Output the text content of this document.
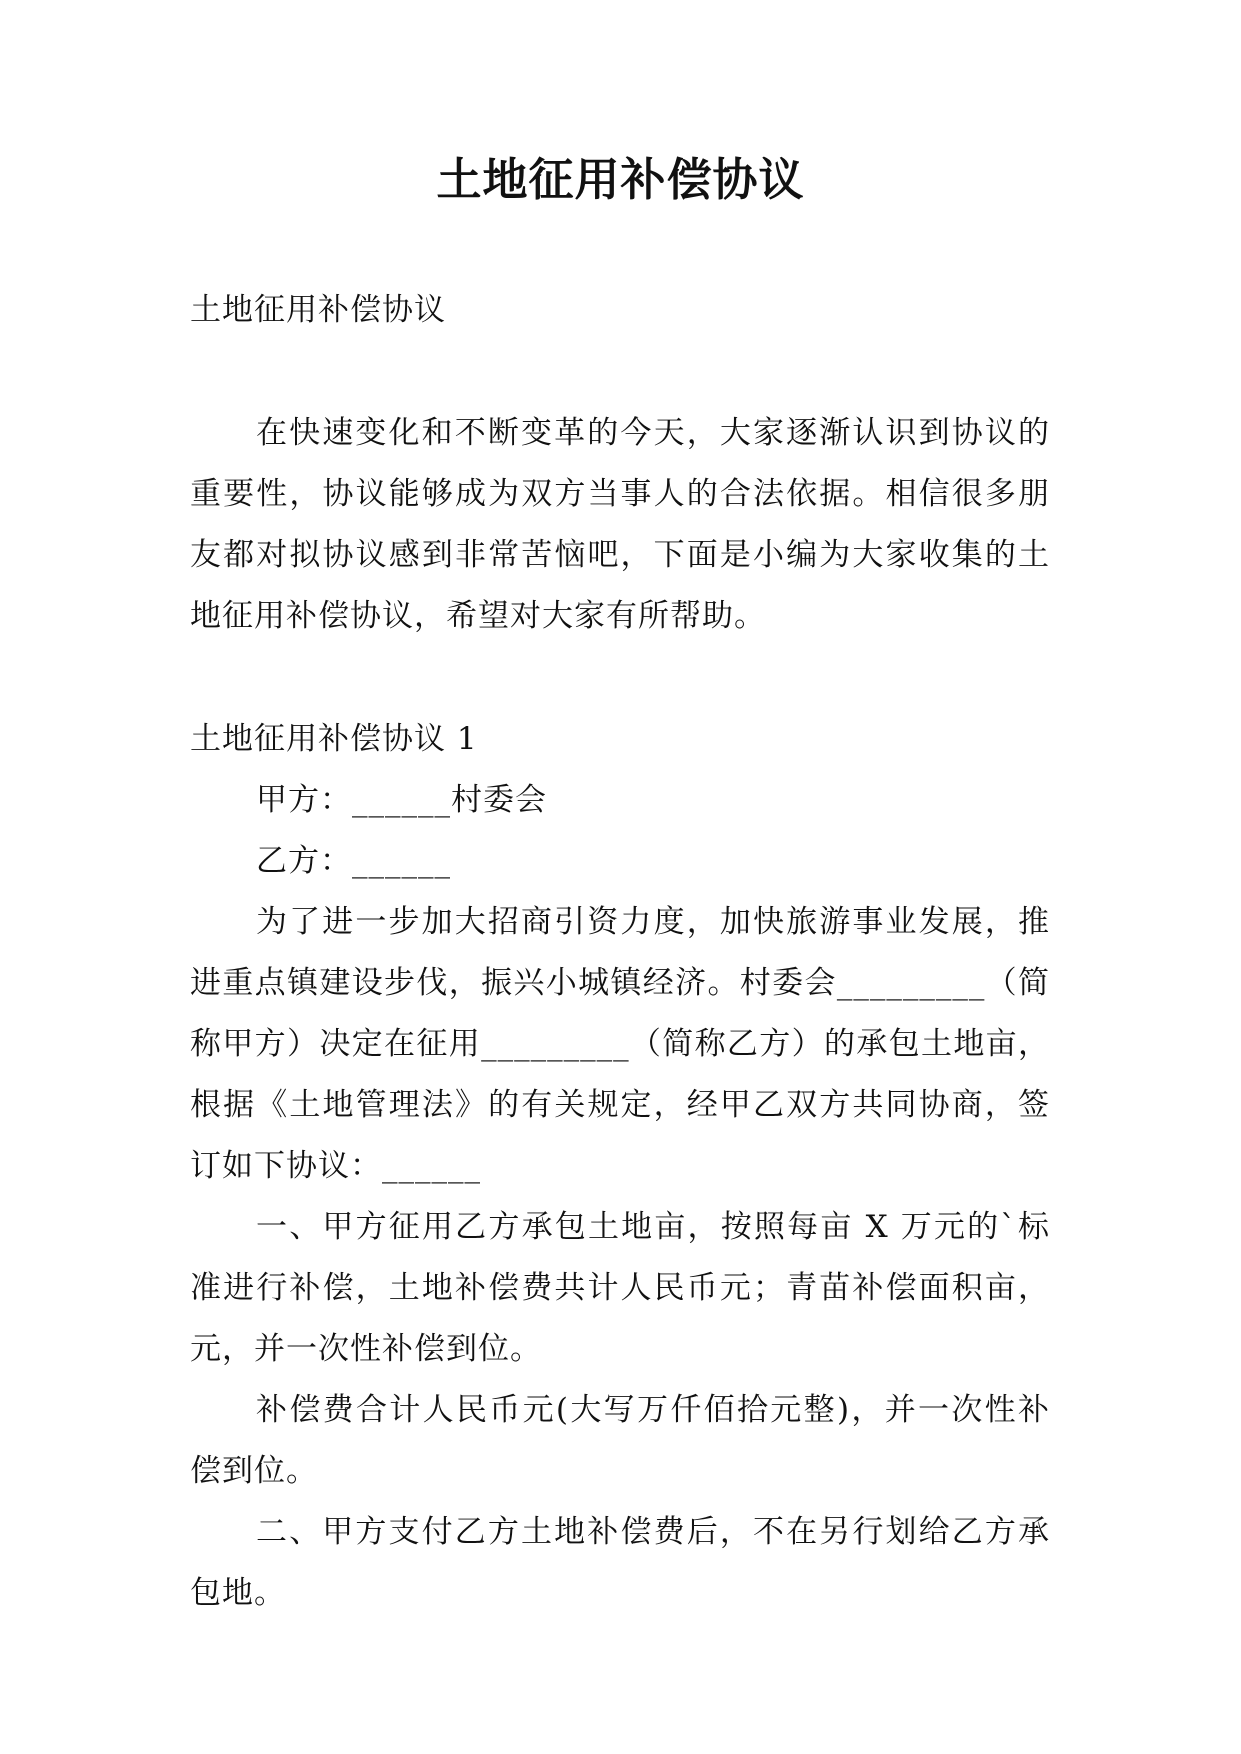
土地征用补偿协议

土地征用补偿协议

在快速变化和不断变革的今天，大家逐渐认识到协议的重要性，协议能够成为双方当事人的合法依据。相信很多朋友都对拟协议感到非常苦恼吧，下面是小编为大家收集的土地征用补偿协议，希望对大家有所帮助。

土地征用补偿协议 1

甲方：______村委会

乙方：______

为了进一步加大招商引资力度，加快旅游事业发展，推进重点镇建设步伐，振兴小城镇经济。村委会_________（简称甲方）决定在征用_________（简称乙方）的承包土地亩，根据《土地管理法》的有关规定，经甲乙双方共同协商，签订如下协议：______

一、甲方征用乙方承包土地亩，按照每亩 X 万元的`标准进行补偿，土地补偿费共计人民币元；青苗补偿面积亩，元，并一次性补偿到位。

补偿费合计人民币元(大写万仟佰拾元整)，并一次性补偿到位。

二、甲方支付乙方土地补偿费后，不在另行划给乙方承包地。
